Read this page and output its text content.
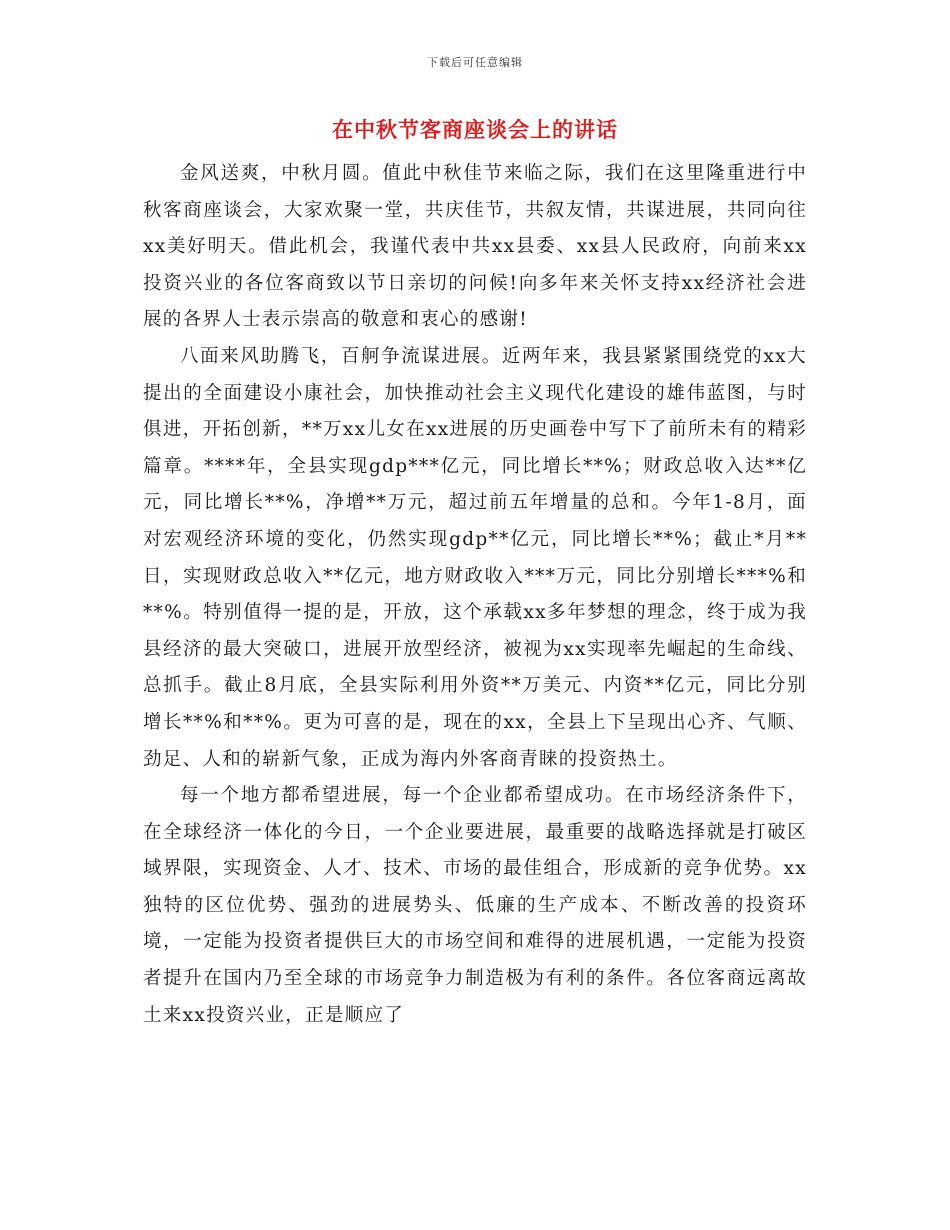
下载后可任意编辑
在中秋节客商座谈会上的讲话

金风送爽，中秋月圆。值此中秋佳节来临之际，我们在这里隆重进行中秋客商座谈会，大家欢聚一堂，共庆佳节，共叙友情，共谋进展，共同向往xx美好明天。借此机会，我谨代表中共xx县委、xx县人民政府，向前来xx投资兴业的各位客商致以节日亲切的问候!向多年来关怀支持xx经济社会进展的各界人士表示崇高的敬意和衷心的感谢!

八面来风助腾飞，百舸争流谋进展。近两年来，我县紧紧围绕党的xx大提出的全面建设小康社会，加快推动社会主义现代化建设的雄伟蓝图，与时俱进，开拓创新，**万xx儿女在xx进展的历史画卷中写下了前所未有的精彩篇章。****年，全县实现gdp***亿元，同比增长**%；财政总收入达**亿元，同比增长**%，净增**万元，超过前五年增量的总和。今年1-8月，面对宏观经济环境的变化，仍然实现gdp**亿元，同比增长**%；截止*月**日，实现财政总收入**亿元，地方财政收入***万元，同比分别增长***%和**%。特别值得一提的是，开放，这个承载xx多年梦想的理念，终于成为我县经济的最大突破口，进展开放型经济，被视为xx实现率先崛起的生命线、总抓手。截止8月底，全县实际利用外资**万美元、内资**亿元，同比分别增长**%和**%。更为可喜的是，现在的xx，全县上下呈现出心齐、气顺、劲足、人和的崭新气象，正成为海内外客商青睐的投资热土。

每一个地方都希望进展，每一个企业都希望成功。在市场经济条件下，在全球经济一体化的今日，一个企业要进展，最重要的战略选择就是打破区域界限，实现资金、人才、技术、市场的最佳组合，形成新的竞争优势。xx独特的区位优势、强劲的进展势头、低廉的生产成本、不断改善的投资环境，一定能为投资者提供巨大的市场空间和难得的进展机遇，一定能为投资者提升在国内乃至全球的市场竞争力制造极为有利的条件。各位客商远离故土来xx投资兴业，正是顺应了
